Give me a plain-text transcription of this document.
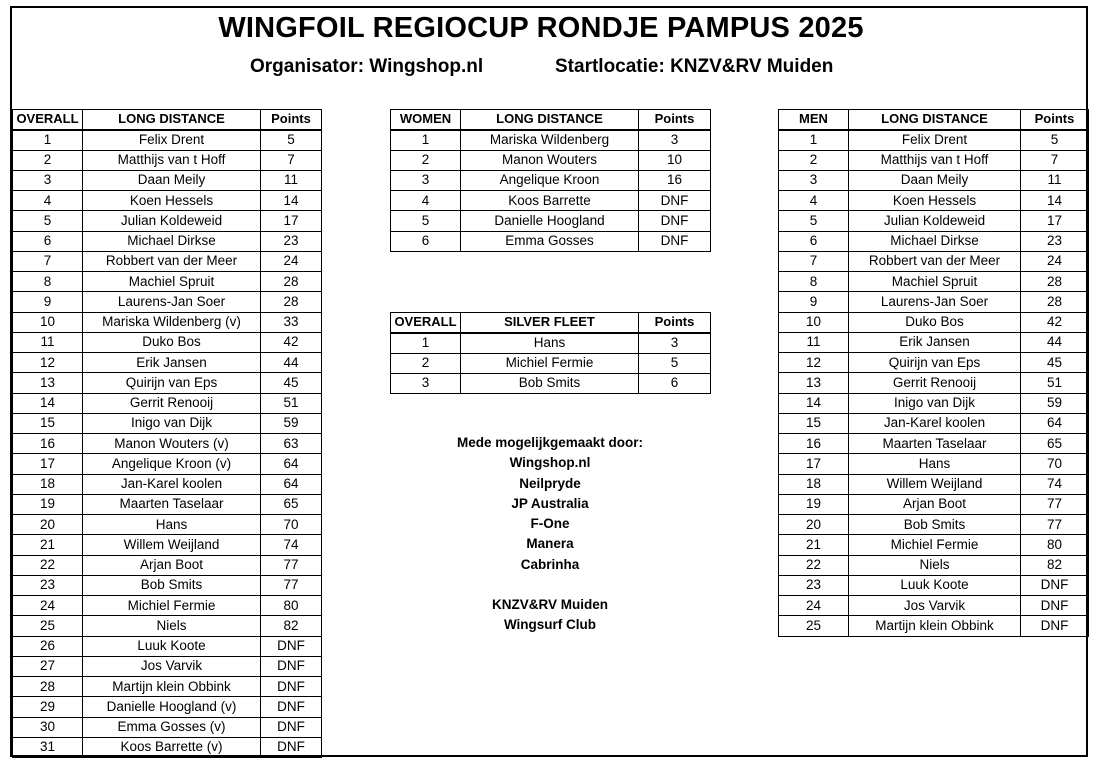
WINGFOIL REGIOCUP RONDJE PAMPUS 2025

Organisator: Wingshop.nl	Startlocatie: KNZV&RV Muiden

OVERALL	LONG DISTANCE	Points
1	Felix Drent	5
2	Matthijs van t Hoff	7
3	Daan Meily	11
4	Koen Hessels	14
5	Julian Koldeweid	17
6	Michael Dirkse	23
7	Robbert van der Meer	24
8	Machiel Spruit	28
9	Laurens-Jan Soer	28
10	Mariska Wildenberg (v)	33
11	Duko Bos	42
12	Erik Jansen	44
13	Quirijn van Eps	45
14	Gerrit Renooij	51
15	Inigo van Dijk	59
16	Manon Wouters (v)	63
17	Angelique Kroon (v)	64
18	Jan-Karel koolen	64
19	Maarten Taselaar	65
20	Hans	70
21	Willem Weijland	74
22	Arjan Boot	77
23	Bob Smits	77
24	Michiel Fermie	80
25	Niels	82
26	Luuk Koote	DNF
27	Jos Varvik	DNF
28	Martijn klein Obbink	DNF
29	Danielle Hoogland (v)	DNF
30	Emma Gosses (v)	DNF
31	Koos Barrette (v)	DNF
WOMEN	LONG DISTANCE	Points
1	Mariska Wildenberg	3
2	Manon Wouters	10
3	Angelique Kroon	16
4	Koos Barrette	DNF
5	Danielle Hoogland	DNF
6	Emma Gosses	DNF
OVERALL	SILVER FLEET	Points
1	Hans	3
2	Michiel Fermie	5
3	Bob Smits	6
MEN	LONG DISTANCE	Points
1	Felix Drent	5
2	Matthijs van t Hoff	7
3	Daan Meily	11
4	Koen Hessels	14
5	Julian Koldeweid	17
6	Michael Dirkse	23
7	Robbert van der Meer	24
8	Machiel Spruit	28
9	Laurens-Jan Soer	28
10	Duko Bos	42
11	Erik Jansen	44
12	Quirijn van Eps	45
13	Gerrit Renooij	51
14	Inigo van Dijk	59
15	Jan-Karel koolen	64
16	Maarten Taselaar	65
17	Hans	70
18	Willem Weijland	74
19	Arjan Boot	77
20	Bob Smits	77
21	Michiel Fermie	80
22	Niels	82
23	Luuk Koote	DNF
24	Jos Varvik	DNF
25	Martijn klein Obbink	DNF
Mede mogelijkgemaakt door:
Wingshop.nl
Neilpryde
JP Australia
F-One
Manera
Cabrinha
KNZV&RV Muiden
Wingsurf Club
